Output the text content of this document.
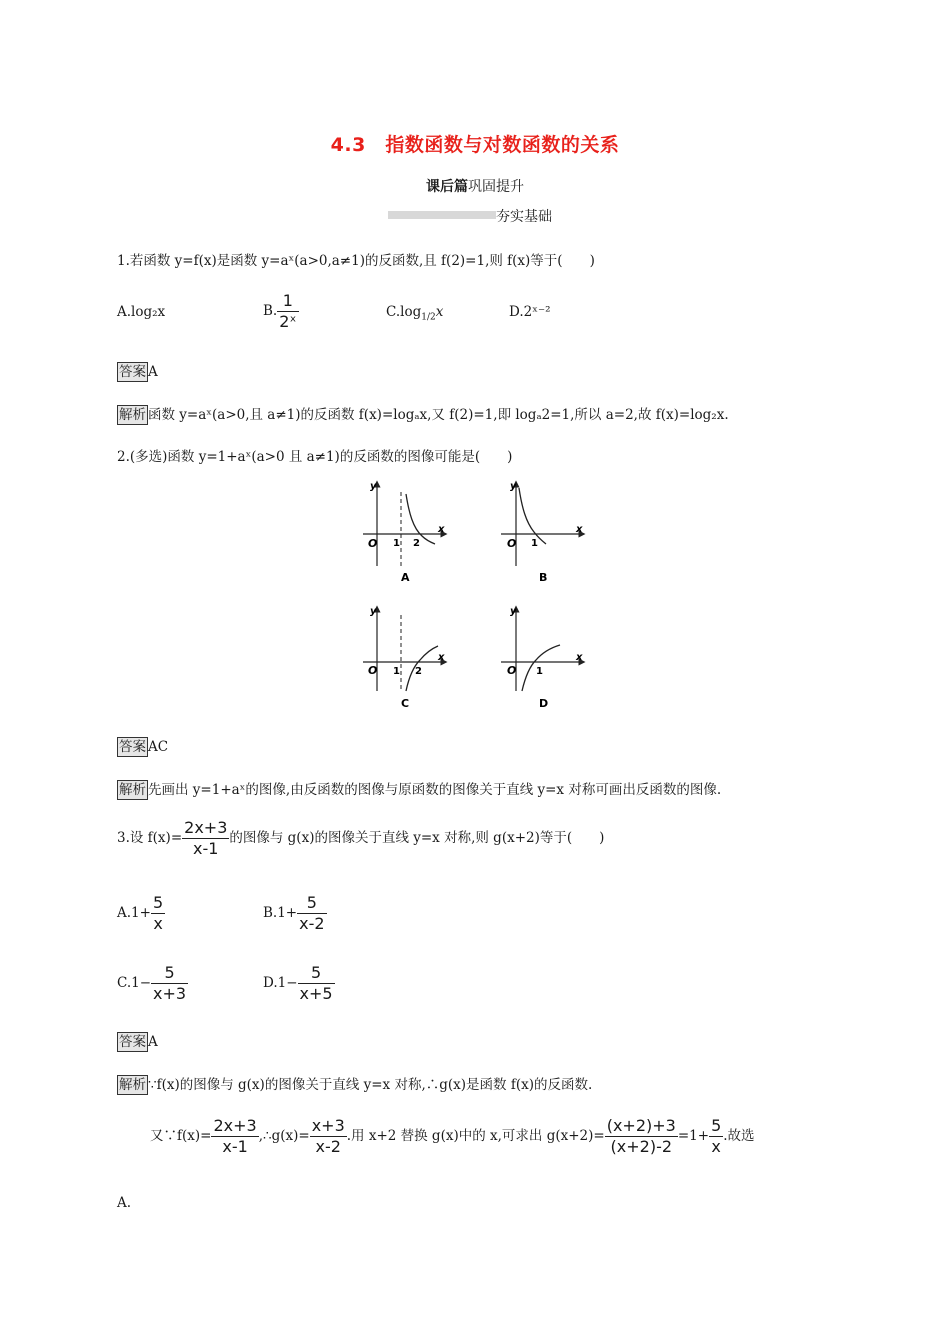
4.3　指数函数与对数函数的关系
课后篇巩固提升
夯实基础
1.若函数 y=f(x)是函数 y=aˣ(a>0,a≠1)的反函数,且 f(2)=1,则 f(x)等于(　　)
A.log₂x	B. $\frac{1}{\text{2ˣ}}$	$C.\log_{1/2}x$	D.2ˣ⁻²
答案 A
解析 函数 y=aˣ(a>0,且 a≠1)的反函数 f(x)=logₐx,又 f(2)=1,即 logₐ2=1,所以 a=2,故 f(x)=log₂x.
2.(多选)函数 y=1+aˣ(a>0 且 a≠1)的反函数的图像可能是(　　)
y
x
O 1 2
A
y
x
O 1
B
y
x
O 1 2
C
y
x
O 1
D
答案 AC
解析 先画出 y=1+aˣ的图像,由反函数的图像与原函数的图像关于直线 y=x 对称可画出反函数的图像.
3.设 $f(x)= \frac{2x+3}{x-1}$ 的图像与 g(x)的图像关于直线 y=x 对称,则 g(x+2)等于(　　)
$A.1+ \frac{5}{x}$	$B.1+ \frac{5}{x-2}$
$C.1- \frac{5}{x+3}$	$D.1- \frac{5}{x+5}$
答案 A
解析 ∵f(x)的图像与 g(x)的图像关于直线 y=x 对称,∴g(x)是函数 f(x)的反函数.
又∵f(x)= $\frac{2x+3}{x-1}$ ,∴g(x)= $\frac{x+3}{x-2}$ .用 x+2 替换 g(x)中的 x,可求出 $g(x+2)= \frac{(x+2)+3}{(x+2)-2} =1+ \frac{5}{x}$ .故选
A.
